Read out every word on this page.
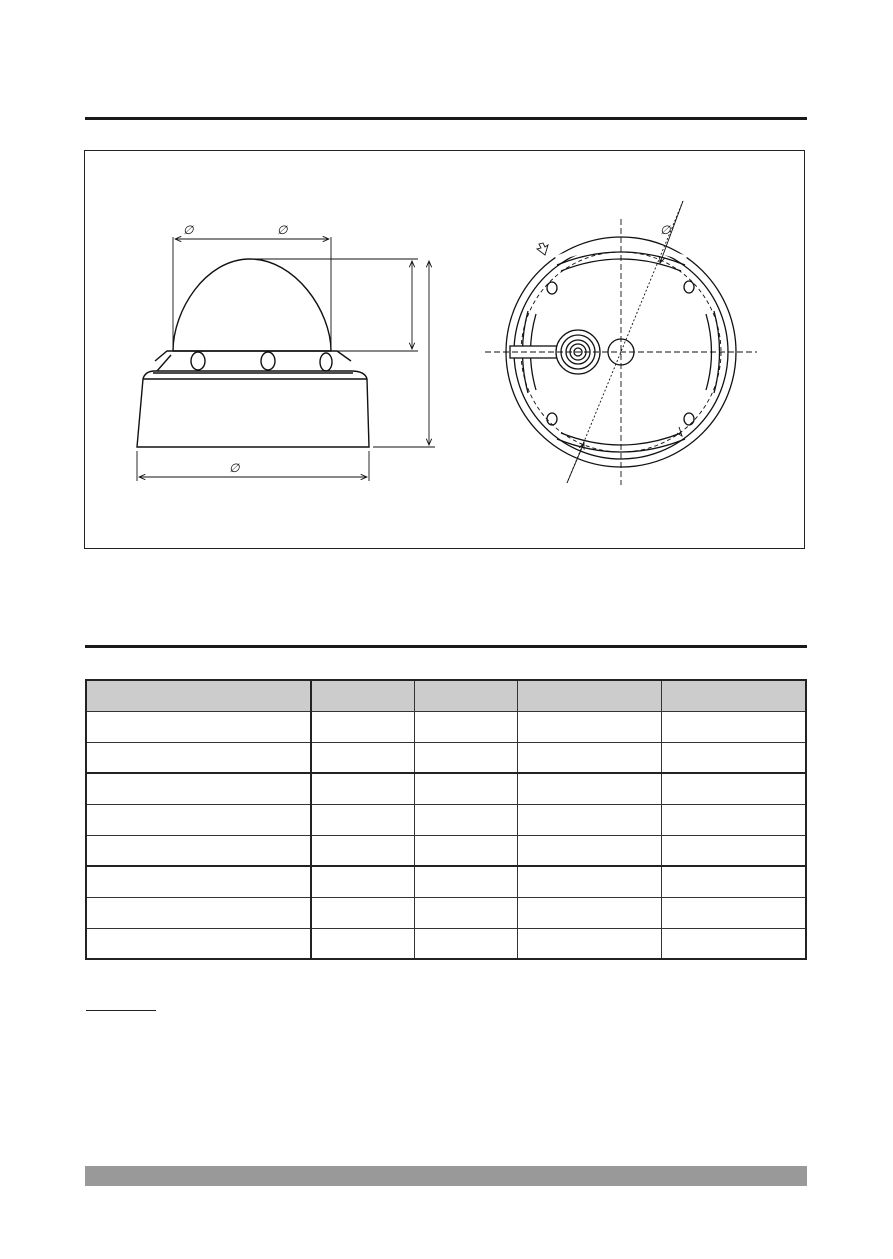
∅	∅
∅
∅
